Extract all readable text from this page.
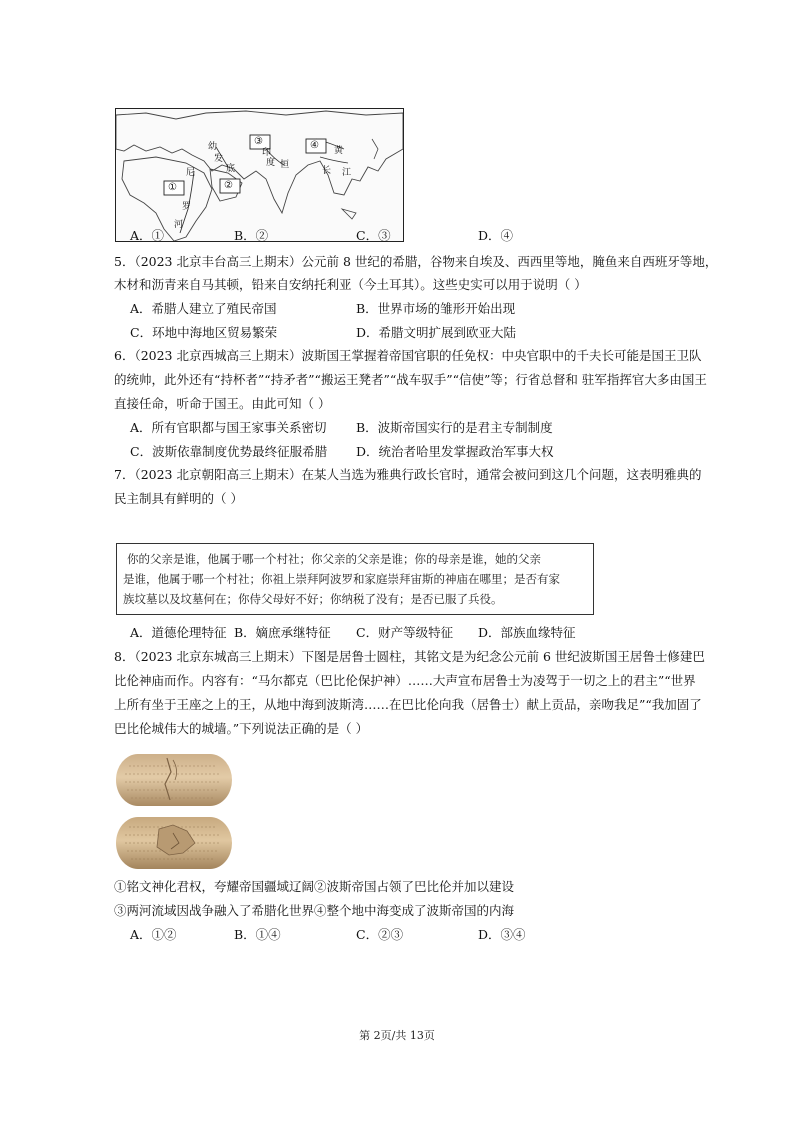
①	②
③	④
幼
发
底
尼
罗
河
印
度 恒
黄
长 江
A．①	B．②	C．③	D．④
5．（2023 北京丰台高三上期末）公元前 8 世纪的希腊，谷物来自埃及、西西里等地，腌鱼来自西班牙等地，
木材和沥青来自马其顿，铅来自安纳托利亚（今土耳其）。这些史实可以用于说明（ ）
A．希腊人建立了殖民帝国	B．世界市场的雏形开始出现
C．环地中海地区贸易繁荣	D．希腊文明扩展到欧亚大陆
6．（2023 北京西城高三上期末）波斯国王掌握着帝国官职的任免权：中央官职中的千夫长可能是国王卫队
的统帅，此外还有“持杯者”“持矛者”“搬运王凳者”“战车驭手”“信使”等；行省总督和 驻军指挥官大多由国王
直接任命，听命于国王。由此可知（ ）
A．所有官职都与国王家事关系密切 B．波斯帝国实行的是君主专制制度
C．波斯依靠制度优势最终征服希腊 D．统治者哈里发掌握政治军事大权
7．（2023 北京朝阳高三上期末）在某人当选为雅典行政长官时，通常会被问到这几个问题，这表明雅典的
民主制具有鲜明的（ ）
你的父亲是谁，他属于哪一个村社；你父亲的父亲是谁；你的母亲是谁，她的父亲
是谁，他属于哪一个村社；你祖上崇拜阿波罗和家庭崇拜宙斯的神庙在哪里；是否有家
族坟墓以及坟墓何在；你侍父母好不好；你纳税了没有；是否已服了兵役。
A．道德伦理特征 B．嫡庶承继特征 C．财产等级特征 D．部族血缘特征
8．（2023 北京东城高三上期末）下图是居鲁士圆柱，其铭文是为纪念公元前 6 世纪波斯国王居鲁士修建巴
比伦神庙而作。内容有：“马尔都克（巴比伦保护神）……大声宣布居鲁士为凌驾于一切之上的君主”“世界
上所有坐于王座之上的王，从地中海到波斯湾……在巴比伦向我（居鲁士）献上贡品，亲吻我足”“我加固了
巴比伦城伟大的城墙。”下列说法正确的是（ ）
①铭文神化君权，夸耀帝国疆域辽阔②波斯帝国占领了巴比伦并加以建设
③两河流域因战争融入了希腊化世界④整个地中海变成了波斯帝国的内海
A．①②	B．①④	C．②③	D．③④
第 2页/共 13页
